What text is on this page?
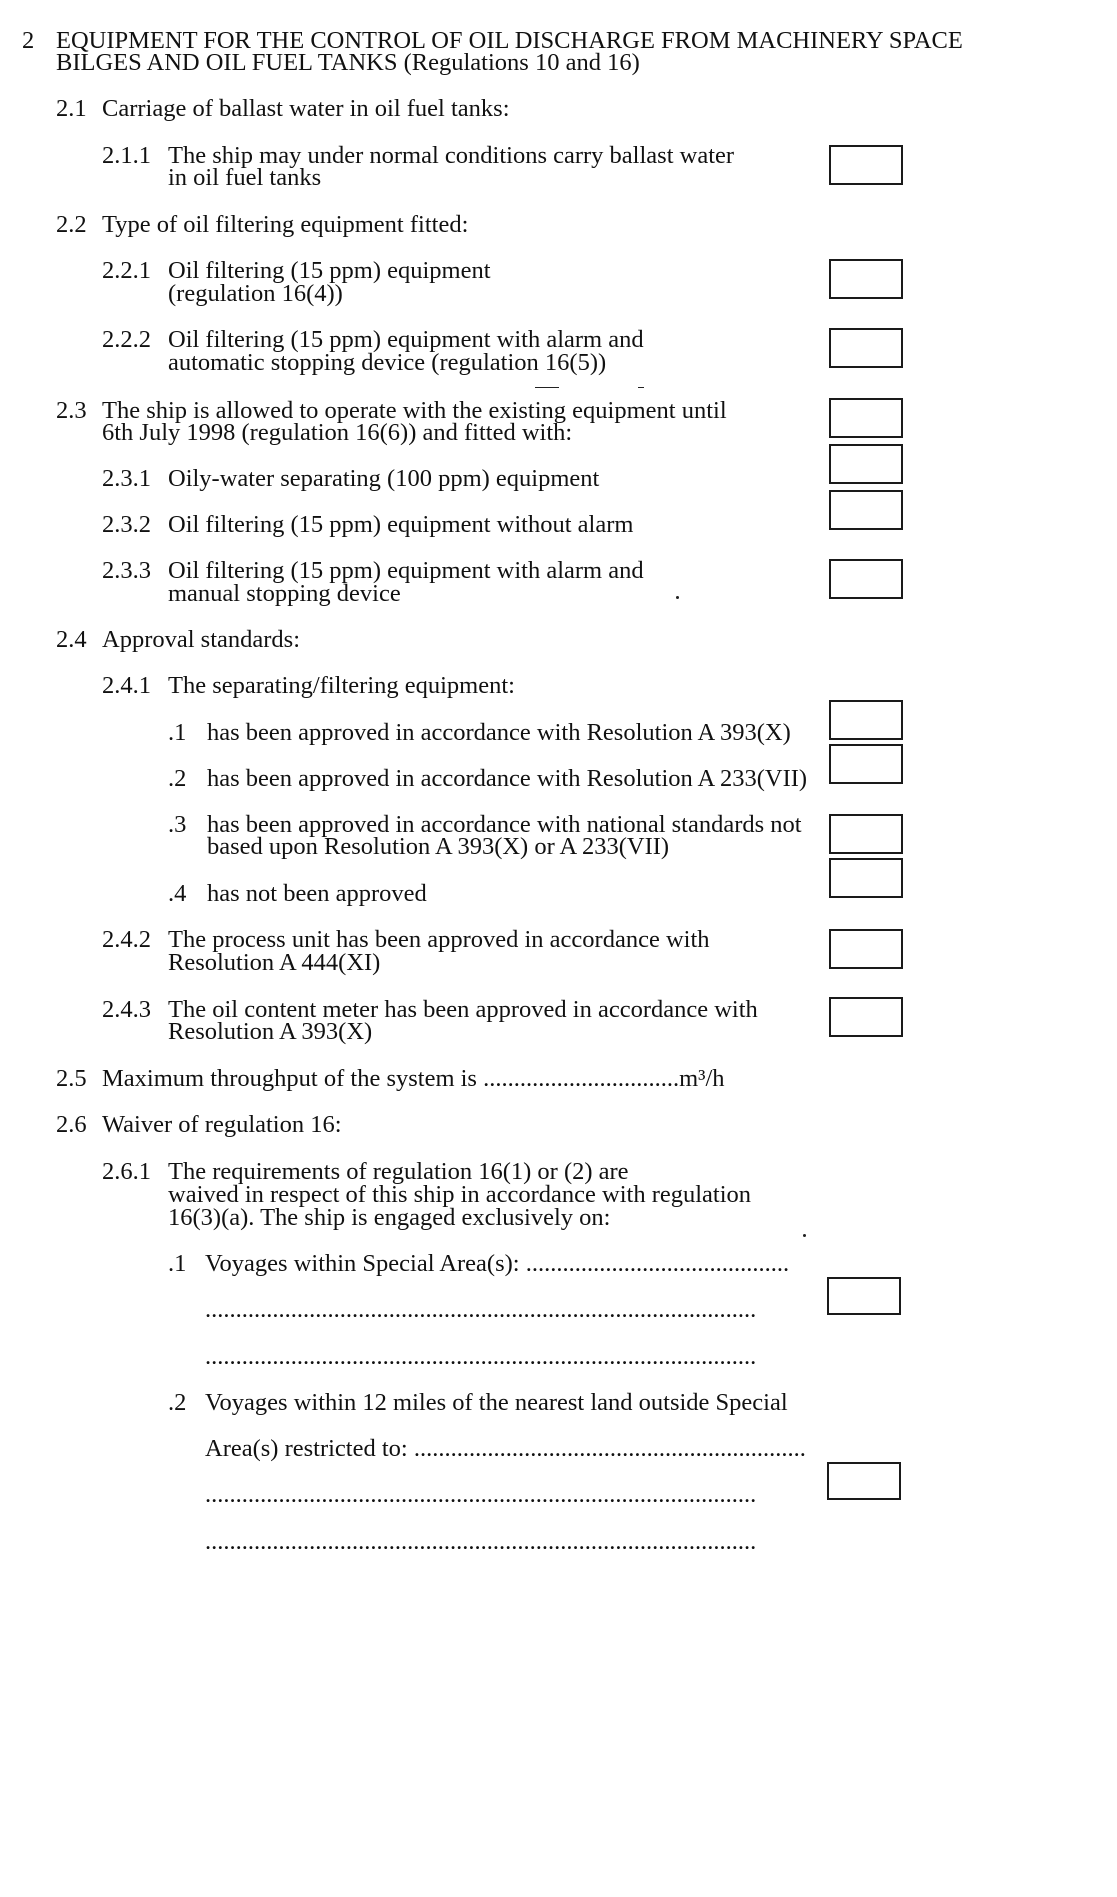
2 EQUIPMENT FOR THE CONTROL OF OIL DISCHARGE FROM MACHINERY SPACE
BILGES AND OIL FUEL TANKS (Regulations 10 and 16)
2.1 Carriage of ballast water in oil fuel tanks:
2.1.1 The ship may under normal conditions carry ballast water
in oil fuel tanks
2.2 Type of oil filtering equipment fitted:
2.2.1 Oil filtering (15 ppm) equipment
(regulation 16(4))
2.2.2 Oil filtering (15 ppm) equipment with alarm and
automatic stopping device (regulation 16(5))
2.3 The ship is allowed to operate with the existing equipment until
6th July 1998 (regulation 16(6)) and fitted with:
2.3.1 Oily-water separating (100 ppm) equipment
2.3.2 Oil filtering (15 ppm) equipment without alarm
2.3.3 Oil filtering (15 ppm) equipment with alarm and
manual stopping device
2.4 Approval standards:
2.4.1 The separating/filtering equipment:
.1 has been approved in accordance with Resolution A 393(X)
.2 has been approved in accordance with Resolution A 233(VII)
.3 has been approved in accordance with national standards not
based upon Resolution A 393(X) or A 233(VII)
.4 has not been approved
2.4.2 The process unit has been approved in accordance with
Resolution A 444(XI)
2.4.3 The oil content meter has been approved in accordance with
Resolution A 393(X)
2.5 Maximum throughput of the system is ................................m³/h
2.6 Waiver of regulation 16:
2.6.1 The requirements of regulation 16(1) or (2) are
waived in respect of this ship in accordance with regulation
16(3)(a). The ship is engaged exclusively on:
.1 Voyages within Special Area(s): ...........................................
..........................................................................................
..........................................................................................
.2 Voyages within 12 miles of the nearest land outside Special
Area(s) restricted to: ................................................................
..........................................................................................
..........................................................................................
